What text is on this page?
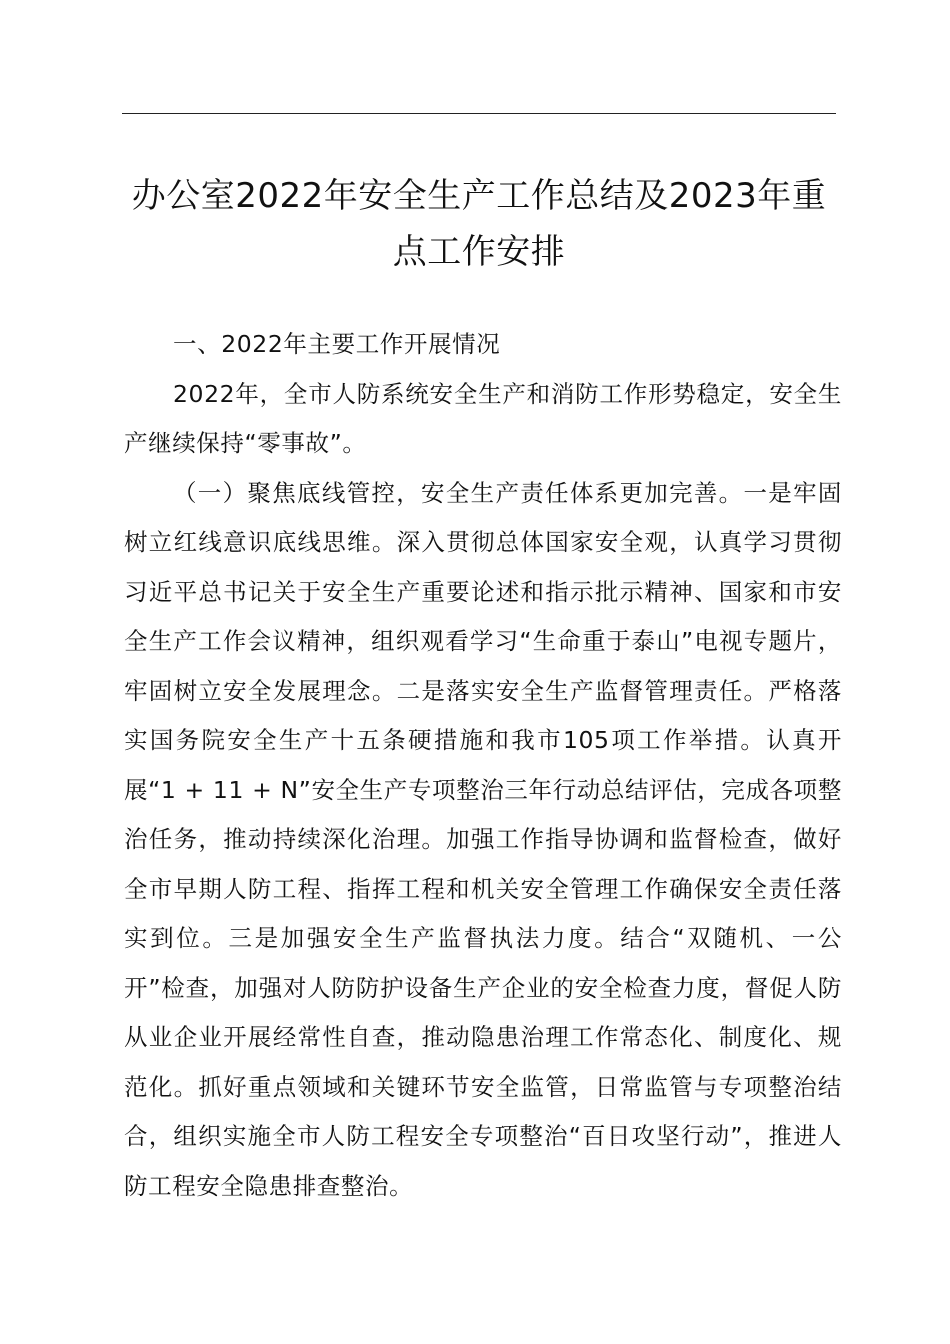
办公室2022年安全生产工作总结及2023年重
点工作安排

一、2022年主要工作开展情况

2022年，全市人防系统安全生产和消防工作形势稳定，安全生产继续保持“零事故”。

（一）聚焦底线管控，安全生产责任体系更加完善。一是牢固树立红线意识底线思维。深入贯彻总体国家安全观，认真学习贯彻习近平总书记关于安全生产重要论述和指示批示精神、国家和市安全生产工作会议精神，组织观看学习“生命重于泰山”电视专题片，牢固树立安全发展理念。二是落实安全生产监督管理责任。严格落实国务院安全生产十五条硬措施和我市105项工作举措。认真开展“1 + 11 + N”安全生产专项整治三年行动总结评估，完成各项整治任务，推动持续深化治理。加强工作指导协调和监督检查，做好全市早期人防工程、指挥工程和机关安全管理工作确保安全责任落实到位。三是加强安全生产监督执法力度。结合“双随机、一公开”检查，加强对人防防护设备生产企业的安全检查力度，督促人防从业企业开展经常性自查，推动隐患治理工作常态化、制度化、规范化。抓好重点领域和关键环节安全监管，日常监管与专项整治结合，组织实施全市人防工程安全专项整治“百日攻坚行动”，推进人防工程安全隐患排查整治。
